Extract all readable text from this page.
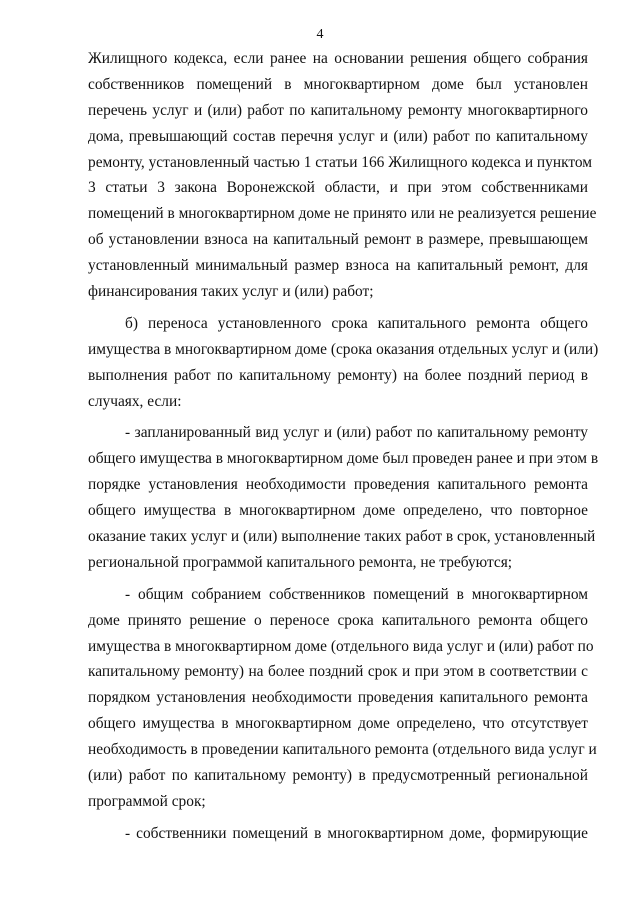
4
Жилищного кодекса, если ранее на основании решения общего собрания
собственников помещений в многоквартирном доме был установлен
перечень услуг и (или) работ по капитальному ремонту многоквартирного
дома, превышающий состав перечня услуг и (или) работ по капитальному
ремонту, установленный частью 1 статьи 166 Жилищного кодекса и пунктом
3 статьи 3 закона Воронежской области, и при этом собственниками
помещений в многоквартирном доме не принято или не реализуется решение
об установлении взноса на капитальный ремонт в размере, превышающем
установленный минимальный размер взноса на капитальный ремонт, для
финансирования таких услуг и (или) работ;
б) переноса установленного срока капитального ремонта общего
имущества в многоквартирном доме (срока оказания отдельных услуг и (или)
выполнения работ по капитальному ремонту) на более поздний период в
случаях, если:
- запланированный вид услуг и (или) работ по капитальному ремонту
общего имущества в многоквартирном доме был проведен ранее и при этом в
порядке установления необходимости проведения капитального ремонта
общего имущества в многоквартирном доме определено, что повторное
оказание таких услуг и (или) выполнение таких работ в срок, установленный
региональной программой капитального ремонта, не требуются;
- общим собранием собственников помещений в многоквартирном
доме принято решение о переносе срока капитального ремонта общего
имущества в многоквартирном доме (отдельного вида услуг и (или) работ по
капитальному ремонту) на более поздний срок и при этом в соответствии с
порядком установления необходимости проведения капитального ремонта
общего имущества в многоквартирном доме определено, что отсутствует
необходимость в проведении капитального ремонта (отдельного вида услуг и
(или) работ по капитальному ремонту) в предусмотренный региональной
программой срок;
- собственники помещений в многоквартирном доме, формирующие
